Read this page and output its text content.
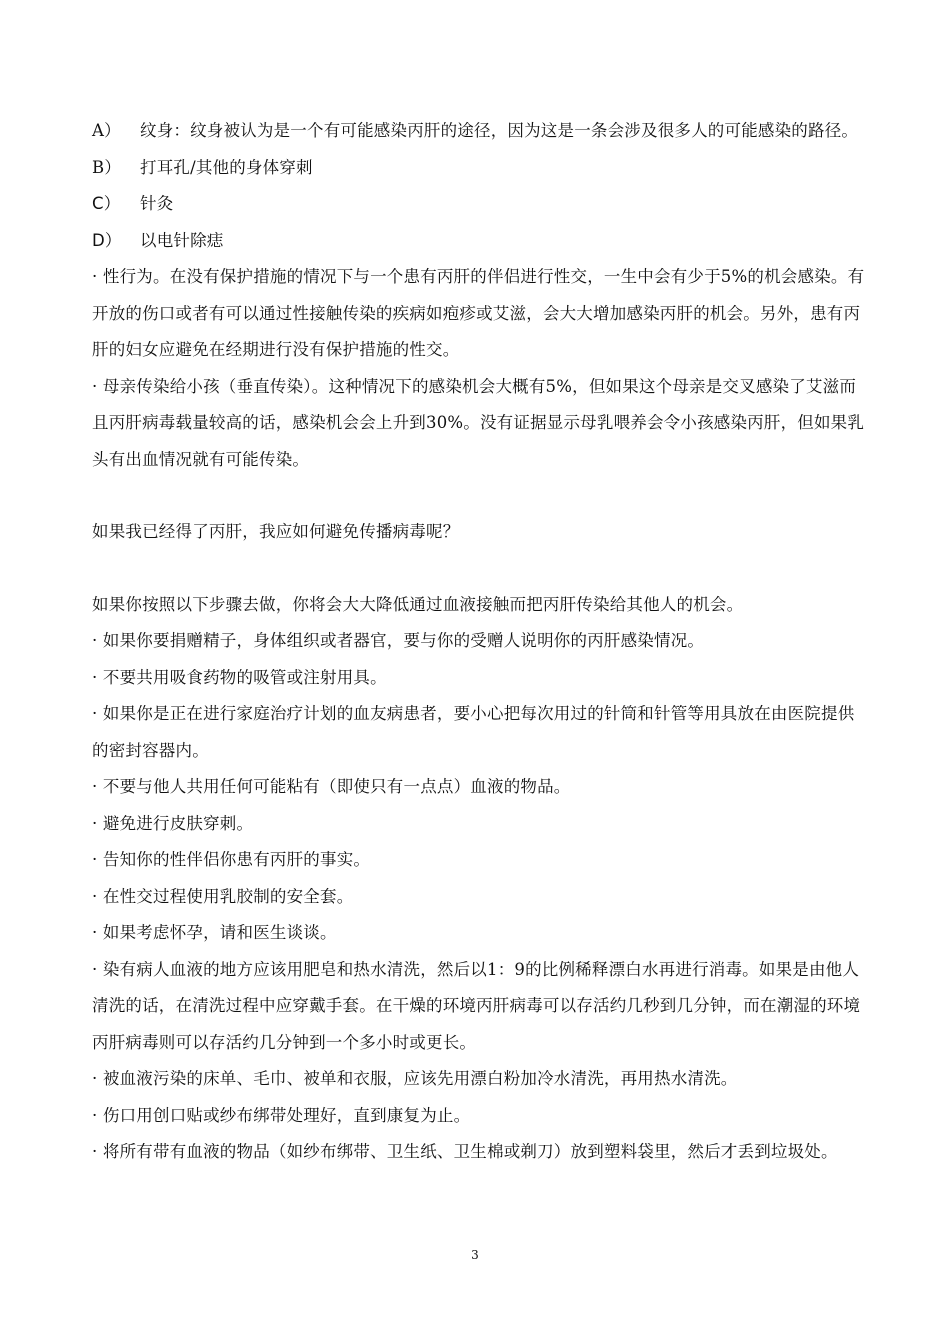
A） 纹身：纹身被认为是一个有可能感染丙肝的途径，因为这是一条会涉及很多人的可能感染的路径。

B） 打耳孔/其他的身体穿刺

C） 针灸

D） 以电针除痣

· 性行为。在没有保护措施的情况下与一个患有丙肝的伴侣进行性交，一生中会有少于5%的机会感染。有开放的伤口或者有可以通过性接触传染的疾病如疱疹或艾滋，会大大增加感染丙肝的机会。另外，患有丙肝的妇女应避免在经期进行没有保护措施的性交。

· 母亲传染给小孩（垂直传染）。这种情况下的感染机会大概有5%，但如果这个母亲是交叉感染了艾滋而且丙肝病毒载量较高的话，感染机会会上升到30%。没有证据显示母乳喂养会令小孩感染丙肝，但如果乳头有出血情况就有可能传染。

如果我已经得了丙肝，我应如何避免传播病毒呢？

如果你按照以下步骤去做，你将会大大降低通过血液接触而把丙肝传染给其他人的机会。

· 如果你要捐赠精子，身体组织或者器官，要与你的受赠人说明你的丙肝感染情况。

· 不要共用吸食药物的吸管或注射用具。

· 如果你是正在进行家庭治疗计划的血友病患者，要小心把每次用过的针筒和针管等用具放在由医院提供的密封容器内。

· 不要与他人共用任何可能粘有（即使只有一点点）血液的物品。

· 避免进行皮肤穿刺。

· 告知你的性伴侣你患有丙肝的事实。

· 在性交过程使用乳胶制的安全套。

· 如果考虑怀孕，请和医生谈谈。

· 染有病人血液的地方应该用肥皂和热水清洗，然后以1：9的比例稀释漂白水再进行消毒。如果是由他人清洗的话，在清洗过程中应穿戴手套。在干燥的环境丙肝病毒可以存活约几秒到几分钟，而在潮湿的环境丙肝病毒则可以存活约几分钟到一个多小时或更长。

· 被血液污染的床单、毛巾、被单和衣服，应该先用漂白粉加冷水清洗，再用热水清洗。

· 伤口用创口贴或纱布绑带处理好，直到康复为止。

· 将所有带有血液的物品（如纱布绑带、卫生纸、卫生棉或剃刀）放到塑料袋里，然后才丢到垃圾处。

3
